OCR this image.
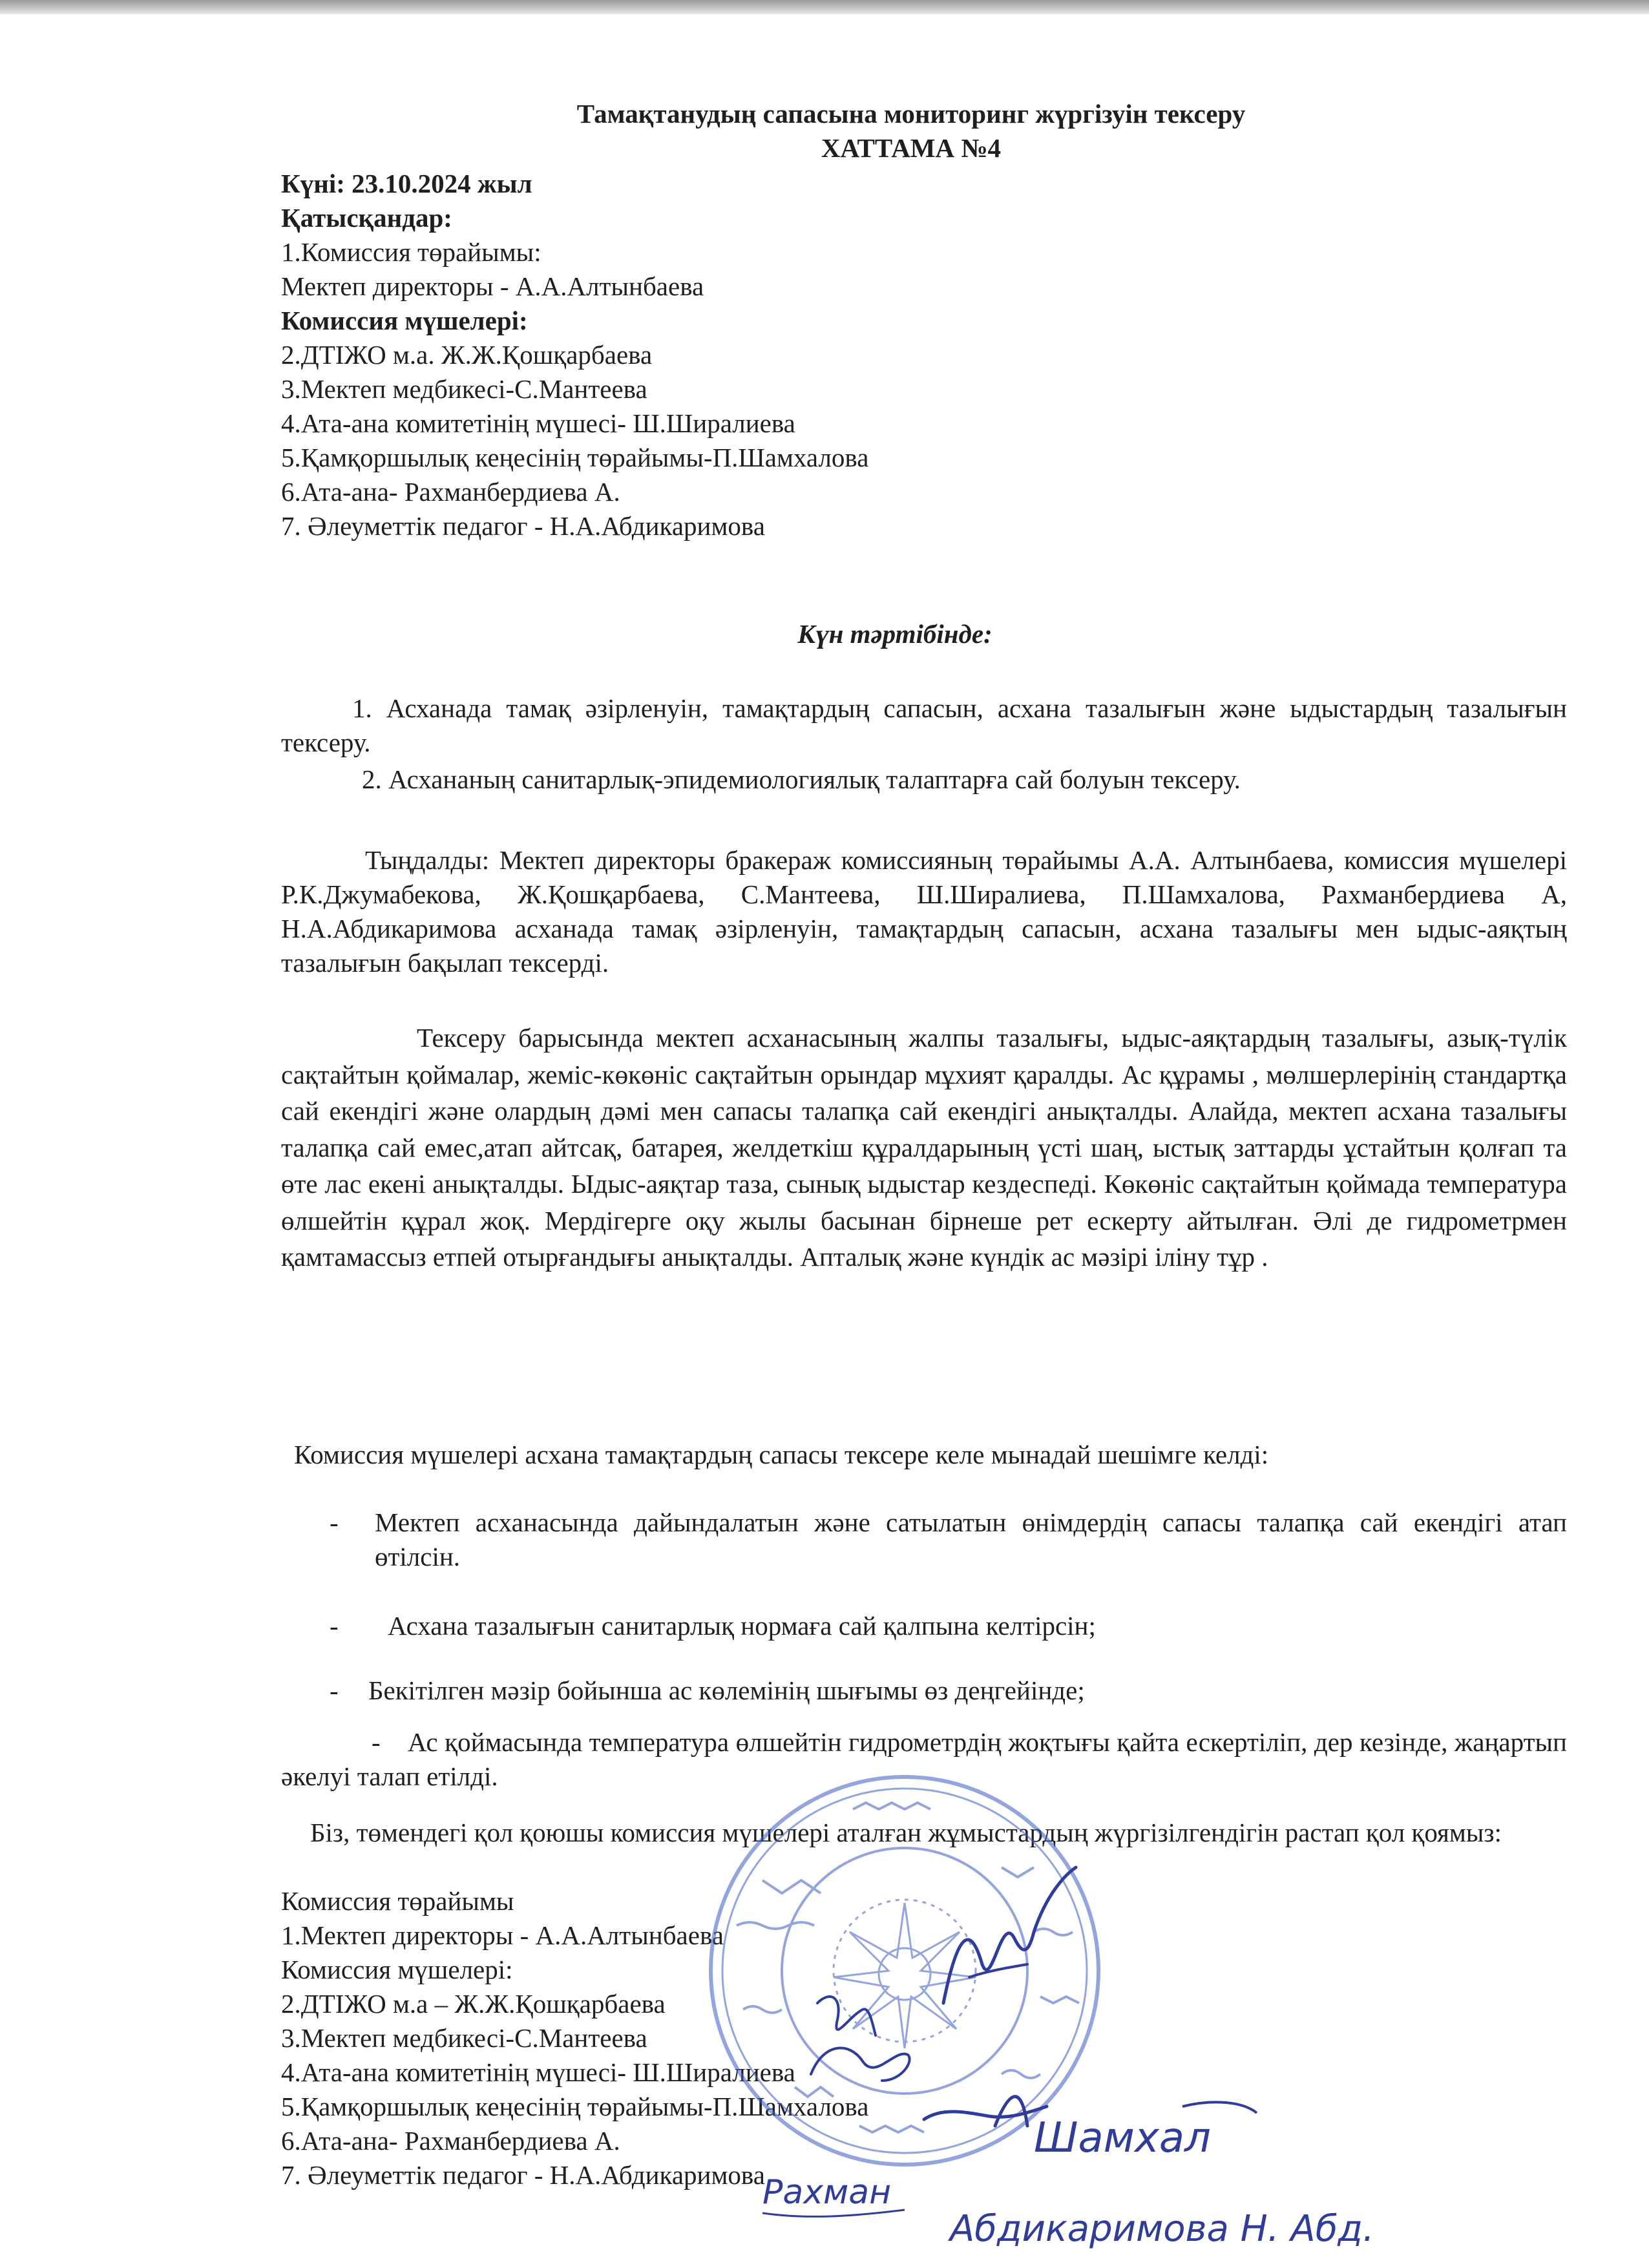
Тамақтанудың сапасына мониторинг жүргізуін тексеру
ХАТТАМА №4
Күні: 23.10.2024 жыл
Қатысқандар:
1.Комиссия төрайымы:
Мектеп директоры - А.А.Алтынбаева
Комиссия мүшелері:
2.ДТІЖО м.а. Ж.Ж.Қошқарбаева
3.Мектеп медбикесі-С.Мантеева
4.Ата-ана комитетінің мүшесі- Ш.Ширалиева
5.Қамқоршылық кеңесінің төрайымы-П.Шамхалова
6.Ата-ана- Рахманбердиева А.
7. Әлеуметтік педагог - Н.А.Абдикаримова
Күн тәртібінде:
1. Асханада тамақ әзірленуін, тамақтардың сапасын, асхана тазалығын және ыдыстардың тазалығын тексеру.
2. Асхананың санитарлық-эпидемиологиялық талаптарға сай болуын тексеру.
Тыңдалды: Мектеп директоры бракераж комиссияның төрайымы А.А. Алтынбаева, комиссия мүшелері Р.К.Джумабекова, Ж.Қошқарбаева, С.Мантеева, Ш.Ширалиева, П.Шамхалова, Рахманбердиева А, Н.А.Абдикаримова асханада тамақ әзірленуін, тамақтардың сапасын, асхана тазалығы мен ыдыс-аяқтың тазалығын бақылап тексерді.
Тексеру барысында мектеп асханасының жалпы тазалығы, ыдыс-аяқтардың тазалығы, азық-түлік сақтайтын қоймалар, жеміс-көкөніс сақтайтын орындар мұхият қаралды. Ас құрамы , мөлшерлерінің стандартқа сай екендігі және олардың дәмі мен сапасы талапқа сай екендігі анықталды. Алайда, мектеп асхана тазалығы талапқа сай емес,атап айтсақ, батарея, желдеткіш құралдарының үсті шаң, ыстық заттарды ұстайтын қолғап та өте лас екені анықталды. Ыдыс-аяқтар таза, сынық ыдыстар кездеспеді. Көкөніс сақтайтын қоймада температура өлшейтін құрал жоқ. Мердігерге оқу жылы басынан бірнеше рет ескерту айтылған. Әлі де гидрометрмен қамтамассыз етпей отырғандығы анықталды. Апталық және күндік ас мәзірі іліну тұр .
Комиссия мүшелері асхана тамақтардың сапасы тексере келе мынадай шешімге келді:
-	Мектеп асханасында дайындалатын және сатылатын өнімдердің сапасы талапқа сай екендігі атап өтілсін.
-	Асхана тазалығын санитарлық нормаға сай қалпына келтірсін;
-	Бекітілген мәзір бойынша ас көлемінің шығымы өз деңгейінде;
-    Ас қоймасында температура өлшейтін гидрометрдің жоқтығы қайта ескертіліп, дер кезінде, жаңартып әкелуі талап етілді.
Біз, төмендегі қол қоюшы комиссия мүшелері аталған жұмыстардың жүргізілгендігін растап қол қоямыз:
Комиссия төрайымы
1.Мектеп директоры - А.А.Алтынбаева
Комиссия мүшелері:
2.ДТІЖО м.а – Ж.Ж.Қошқарбаева
3.Мектеп медбикесі-С.Мантеева
4.Ата-ана комитетінің мүшесі- Ш.Ширалиева
5.Қамқоршылық кеңесінің төрайымы-П.Шамхалова
6.Ата-ана- Рахманбердиева А.
7. Әлеуметтік педагог - Н.А.Абдикаримова
Рахман
Шамхал
Абдикаримова Н. Абд.
